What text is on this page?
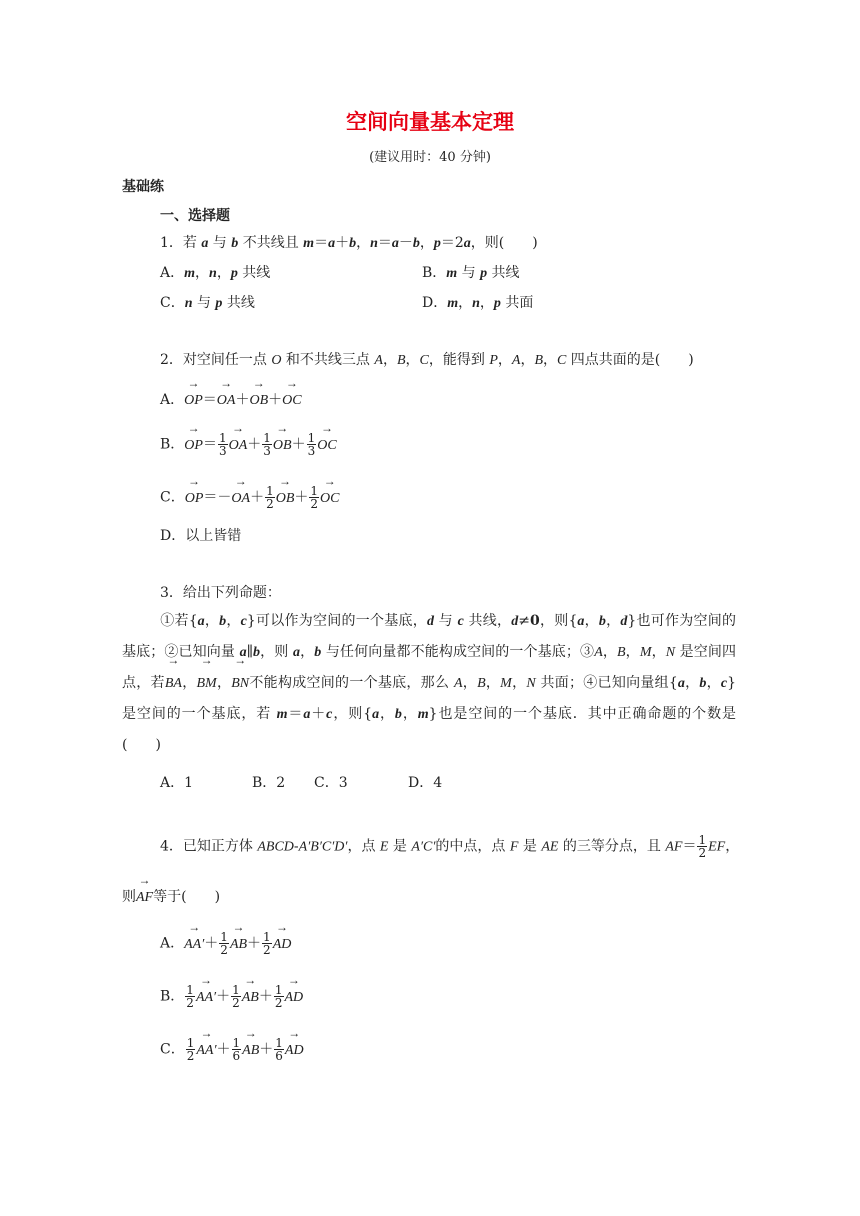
空间向量基本定理
(建议用时：40 分钟)
基础练
一、选择题
1．若 a 与 b 不共线且 m＝a＋b，n＝a－b，p＝2a，则(　　)
A．m，n，p 共线	B．m 与 p 共线
C．n 与 p 共线	D．m，n，p 共面
2．对空间任一点 O 和不共线三点 A，B，C，能得到 P，A，B，C 四点共面的是(　　)
A．→ OP＝→ OA＋→ OB＋→ OC
B．→ $OP= \frac{1}{3}$
→ $OA+ \frac{1}{3}$
→ $OB+ \frac{1}{3}$
→ OC
C．→ $OP=-\to OA+ \frac{1}{2}$
→ $OB+ \frac{1}{2}$
→ OC
D．以上皆错
3．给出下列命题：
①若{a，b，c}可以作为空间的一个基底，d 与 c 共线，d≠0，则{a，b，d}也可作为空间的基底；②已知向量 a∥b，则 a，b 与任何向量都不能构成空间的一个基底；③A，B，M，N 是空间四点，若→ BA，→ BM，→ BN不能构成空间的一个基底，那么 A，B，M，N 共面；④已知向量组{a，b，c}是空间的一个基底，若 m＝a＋c，则{a，b，m}也是空间的一个基底．其中正确命题的个数是(　　)
A．1	B．2 C．3	D．4
4．已知正方体 ABCD-A′B′C′D′，点 E 是 A′C′的中点，点 F 是 AE 的三等分点，且 $AF= \frac{1}{2}$ EF，
则→ AF等于(　　)
A．→ $AA'+ \frac{1}{2}$
→ $AB+ \frac{1}{2}$
→ AD
B． $\frac{1}{2}$
→ $AA'+ \frac{1}{2}$
→ $AB+ \frac{1}{2}$
→ AD
C． $\frac{1}{2}$
→ $AA'+ \frac{1}{6}$
→ $AB+ \frac{1}{6}$
→ AD
